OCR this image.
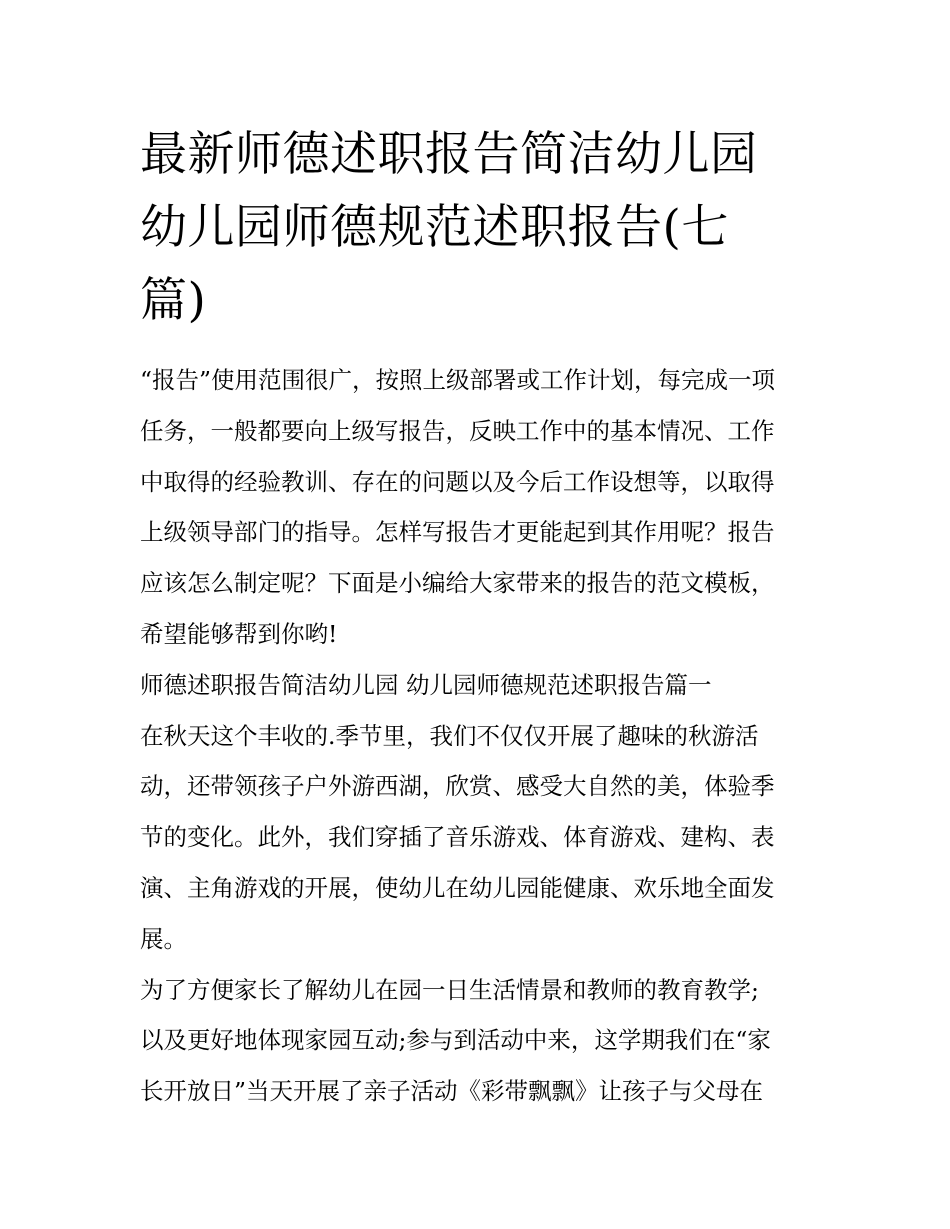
最新师德述职报告简洁幼儿园
幼儿园师德规范述职报告(七
篇)

“报告”使用范围很广，按照上级部署或工作计划，每完成一项
任务，一般都要向上级写报告，反映工作中的基本情况、工作
中取得的经验教训、存在的问题以及今后工作设想等，以取得
上级领导部门的指导。怎样写报告才更能起到其作用呢？报告
应该怎么制定呢？下面是小编给大家带来的报告的范文模板，
希望能够帮到你哟!

师德述职报告简洁幼儿园 幼儿园师德规范述职报告篇一

在秋天这个丰收的.季节里，我们不仅仅开展了趣味的秋游活
动，还带领孩子户外游西湖，欣赏、感受大自然的美，体验季
节的变化。此外，我们穿插了音乐游戏、体育游戏、建构、表
演、主角游戏的开展，使幼儿在幼儿园能健康、欢乐地全面发
展。

为了方便家长了解幼儿在园一日生活情景和教师的教育教学;
以及更好地体现家园互动;参与到活动中来，这学期我们在“家
长开放日”当天开展了亲子活动《彩带飘飘》让孩子与父母在
